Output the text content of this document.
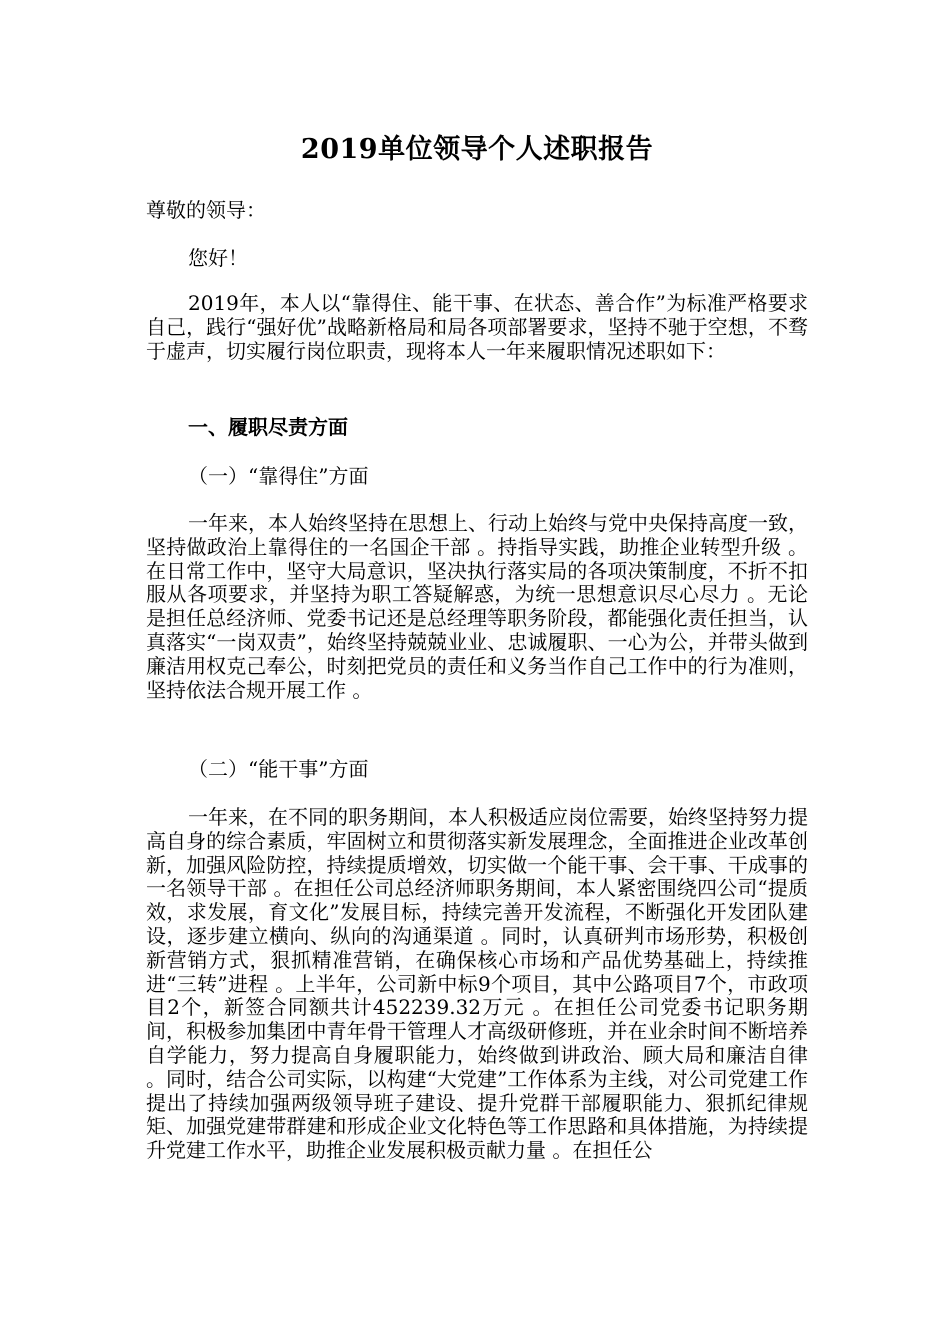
2019单位领导个人述职报告
尊敬的领导：
您好！
2019年，本人以“靠得住、能干事、在状态、善合作”为标准严格要求自己，践行“强好优”战略新格局和局各项部署要求，坚持不驰于空想，不骛于虚声，切实履行岗位职责，现将本人一年来履职情况述职如下：
一、履职尽责方面
（一）“靠得住”方面
一年来，本人始终坚持在思想上、行动上始终与党中央保持高度一致，坚持做政治上靠得住的一名国企干部 。持指导实践，助推企业转型升级 。在日常工作中，坚守大局意识，坚决执行落实局的各项决策制度，不折不扣服从各项要求，并坚持为职工答疑解惑，为统一思想意识尽心尽力 。无论是担任总经济师、党委书记还是总经理等职务阶段，都能强化责任担当，认真落实“一岗双责”，始终坚持兢兢业业、忠诚履职、一心为公，并带头做到廉洁用权克己奉公，时刻把党员的责任和义务当作自己工作中的行为准则，坚持依法合规开展工作 。
（二）“能干事”方面
一年来，在不同的职务期间，本人积极适应岗位需要，始终坚持努力提高自身的综合素质，牢固树立和贯彻落实新发展理念，全面推进企业改革创新，加强风险防控，持续提质增效，切实做一个能干事、会干事、干成事的一名领导干部 。在担任公司总经济师职务期间，本人紧密围绕四公司“提质效，求发展，育文化”发展目标，持续完善开发流程，不断强化开发团队建设，逐步建立横向、纵向的沟通渠道 。同时，认真研判市场形势，积极创新营销方式，狠抓精准营销，在确保核心市场和产品优势基础上，持续推进“三转”进程 。上半年，公司新中标9个项目，其中公路项目7个，市政项目2个，新签合同额共计452239.32万元 。在担任公司党委书记职务期间，积极参加集团中青年骨干管理人才高级研修班，并在业余时间不断培养自学能力，努力提高自身履职能力，始终做到讲政治、顾大局和廉洁自律 。同时，结合公司实际，以构建“大党建”工作体系为主线，对公司党建工作提出了持续加强两级领导班子建设、提升党群干部履职能力、狠抓纪律规矩、加强党建带群建和形成企业文化特色等工作思路和具体措施，为持续提升党建工作水平，助推企业发展积极贡献力量 。在担任公
